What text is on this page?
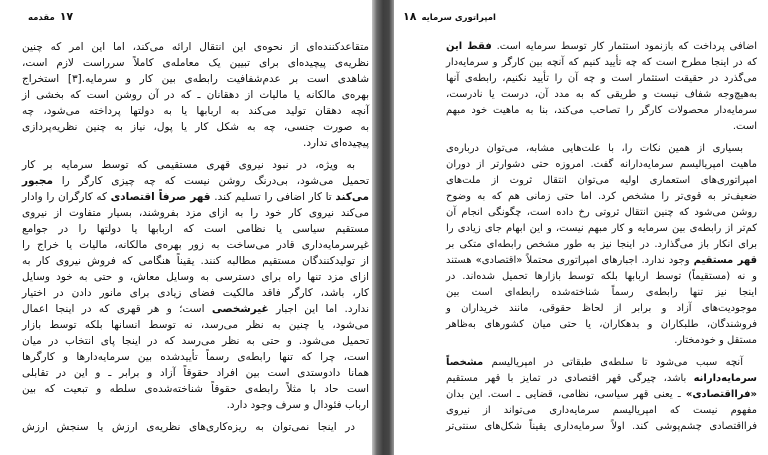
مقدمه ۱۷
متقاعدکننده‌ای از نحوه‌ی این انتقال ارائه می‌کند، اما این امر که چنین
نظریه‌ی پیچیده‌ای برای تبیین یک معامله‌ی کاملاً سرراست لازم است،
شاهدی است بر عدم‌شفافیت رابطه‌ی بین کار و سرمایه.[۳] استخراج
بهره‌ی مالکانه یا مالیات از دهقانان ـ که در آن روشن است که بخشی از
آنچه دهقان تولید می‌کند به اربابها یا به دولتها پرداخته می‌شود، چه
به صورت جنسی، چه به شکل کار یا پول، نیاز به چنین نظریه‌پردازی
پیچیده‌ای ندارد.
به ویژه، در نبود نیروی قهری مستقیمی که توسط سرمایه بر کار
تحمیل می‌شود، بی‌درنگ روشن نیست که چه چیزی کارگر را مجبور
می‌کند تا کار اضافی را تسلیم کند. قهر صرفاً اقتصادی که کارگران را وادار
می‌کند نیروی کار خود را به ازای مزد بفروشند، بسیار متفاوت از نیروی
مستقیم سیاسی یا نظامی است که اربابها یا دولتها را در جوامع
غیرسرمایه‌داری قادر می‌ساخت به زور بهره‌ی مالکانه، مالیات یا خراج را
از تولیدکنندگان مستقیم مطالبه کنند. یقیناً هنگامی که فروش نیروی کار به
ازای مزد تنها راه برای دسترسی به وسایل معاش، و حتی به خود وسایل
کار، باشد، کارگر فاقد مالکیت فضای زیادی برای مانور دادن در اختیار
ندارد. اما این اجبار غیرشخصی است؛ و هر قهری که در اینجا اعمال
می‌شود، یا چنین به نظر می‌رسد، نه توسط انسانها بلکه توسط بازار
تحمیل می‌شود. و حتی به نظر می‌رسد که در اینجا پای انتخاب در میان
است، چرا که تنها رابطه‌ی رسماً تأییدشده بین سرمایه‌دارها و کارگرها
همانا دادوستدی است بین افراد حقوقاً آزاد و برابر ـ و این در تقابلی
است حاد با مثلاً رابطه‌ی حقوقاً شناخته‌شده‌ی سلطه و تبعیت که بین
ارباب فئودال و سرف وجود دارد.
در اینجا نمی‌توان به ریزه‌کاری‌های نظریه‌ی ارزش یا سنجش ارزش
۱۸ امپراتوری سرمایه
اضافی پرداخت که بازنمود استثمار کار توسط سرمایه است. فقط این
که در اینجا مطرح است که چه تأیید کنیم که آنچه بین کارگر و سرمایه‌دار
می‌گذرد در حقیقت استثمار است و چه آن را تأیید نکنیم، رابطه‌ی آنها
به‌هیچ‌وجه شفاف نیست و طریقی که به مدد آن، درست یا نادرست،
سرمایه‌دار محصولات کارگر را تصاحب می‌کند، بنا به ماهیت خود مبهم
است.
بسیاری از همین نکات را، با علت‌هایی مشابه، می‌توان درباره‌ی
ماهیت امپریالیسم سرمایه‌دارانه گفت. امروزه حتی دشوارتر از دوران
امپراتوری‌های استعماری اولیه می‌توان انتقال ثروت از ملت‌های
ضعیف‌تر به قوی‌تر را مشخص کرد. اما حتی زمانی هم که به وضوح
روشن می‌شود که چنین انتقال ثروتی رخ داده است، چگونگی انجام آن
کم‌تر از رابطه‌ی بین سرمایه و کار مبهم نیست، و این ابهام جای زیادی را
برای انکار باز می‌گذارد. در اینجا نیز به طور مشخص رابطه‌ای متکی بر
قهر مستقیم وجود ندارد. اجبارهای امپراتوری محتملاً «اقتصادی» هستند
و نه (مستقیماً) توسط اربابها بلکه توسط بازارها تحمیل شده‌اند. در
اینجا نیز تنها رابطه‌ی رسماً شناخته‌شده رابطه‌ای است بین
موجودیت‌های آزاد و برابر از لحاظ حقوقی، مانند خریداران و
فروشندگان، طلبکاران و بدهکاران، یا حتی میان کشورهای به‌ظاهر
مستقل و خودمختار.
آنچه سبب می‌شود تا سلطه‌ی طبقاتی در امپریالیسم مشخصاً
سرمایه‌دارانه باشد، چیرگی قهر اقتصادی در تمایز با قهر مستقیم
«فرااقتصادی» ـ یعنی قهر سیاسی، نظامی، قضایی ـ است. این بدان
مفهوم نیست که امپریالیسم سرمایه‌داری می‌تواند از نیروی
فرااقتصادی چشم‌پوشی کند. اولاً سرمایه‌داری یقیناً شکل‌های سنتی‌تر
